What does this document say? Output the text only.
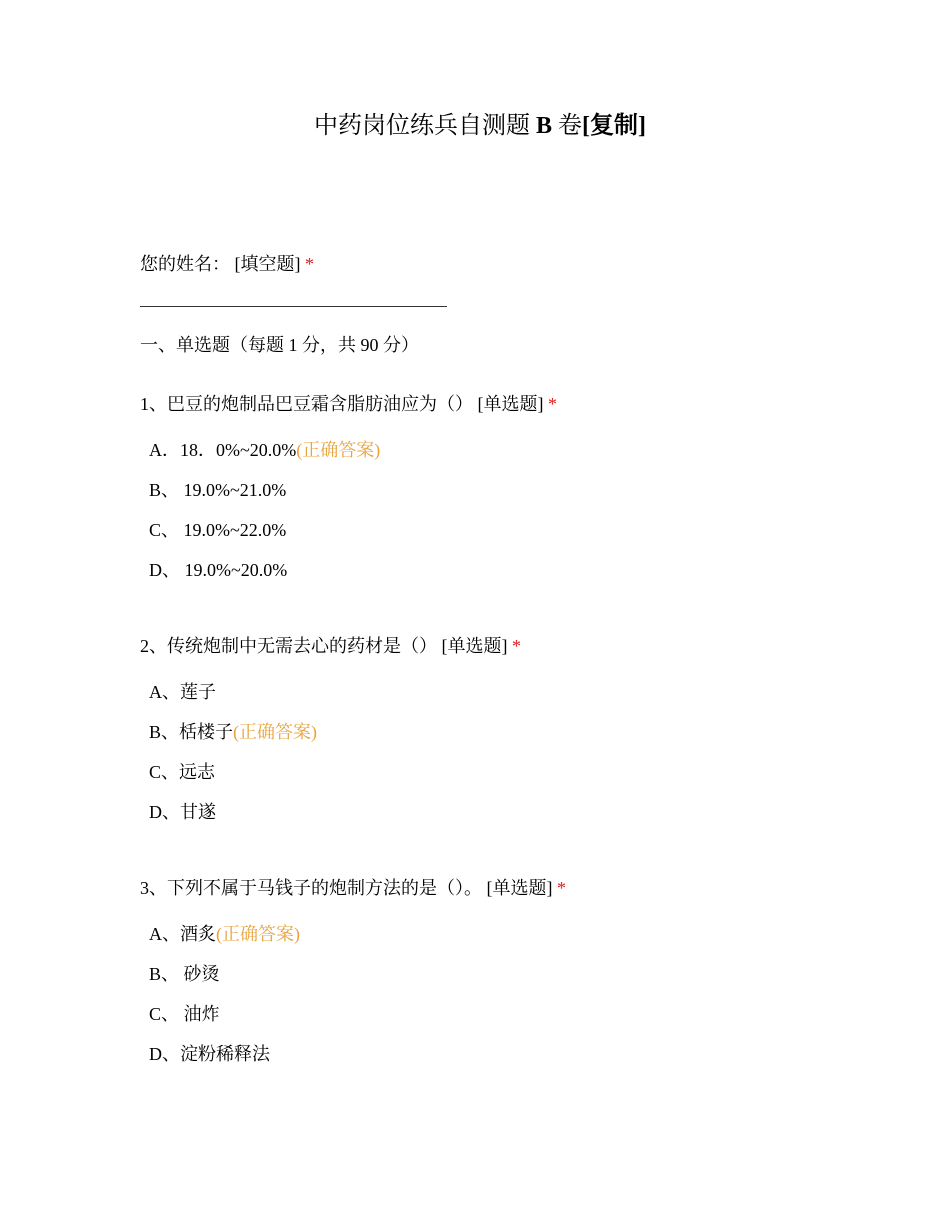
中药岗位练兵自测题 B 卷[复制]
您的姓名： [填空题] *
一、单选题（每题 1 分，共 90 分）
1、巴豆的炮制品巴豆霜含脂肪油应为（） [单选题] *
A．18．0%~20.0%(正确答案)
B、 19.0%~21.0%
C、 19.0%~22.0%
D、 19.0%~20.0%
2、传统炮制中无需去心的药材是（） [单选题] *
A、莲子
B、栝楼子(正确答案)
C、远志
D、甘遂
3、下列不属于马钱子的炮制方法的是（）。 [单选题] *
A、酒炙(正确答案)
B、 砂烫
C、 油炸
D、淀粉稀释法
